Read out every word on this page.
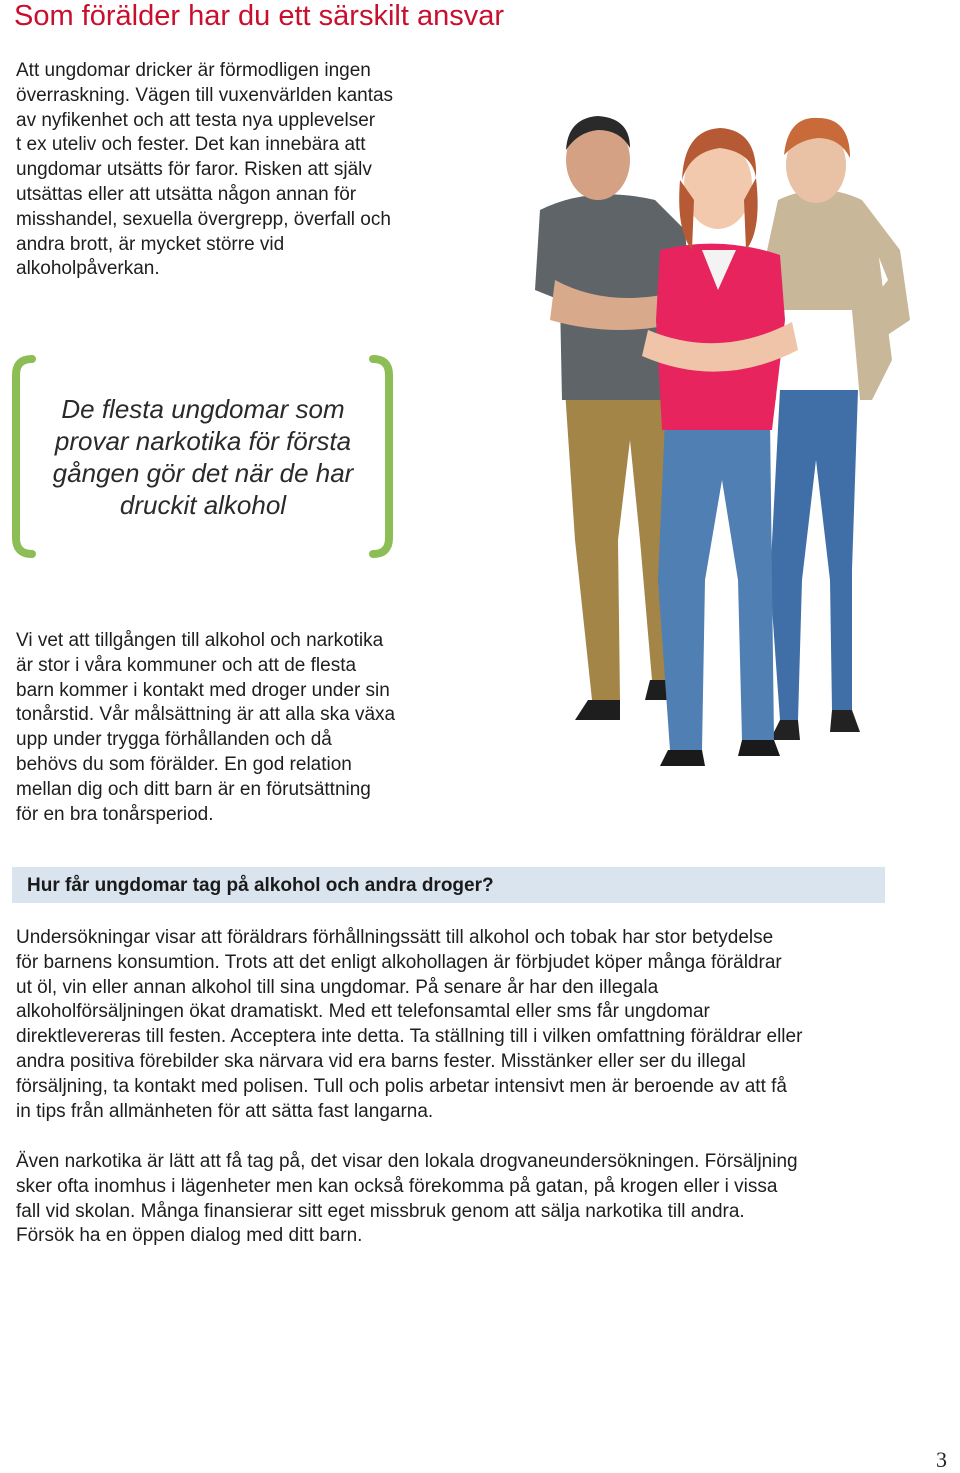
Som förälder har du ett särskilt ansvar
Att ungdomar dricker är förmodligen ingen
överraskning. Vägen till vuxenvärlden kantas
av nyfikenhet och att testa nya upplevelser
t ex uteliv och fester. Det kan innebära att
ungdomar utsätts för faror. Risken att själv
utsättas eller att utsätta någon annan för
misshandel, sexuella övergrepp, överfall och
andra brott, är mycket större vid
alkoholpåverkan.
De flesta ungdomar som
provar narkotika för första
gången gör det när de har
druckit alkohol
Vi vet att tillgången till alkohol och narkotika
är stor i våra kommuner och att de flesta
barn kommer i kontakt med droger under sin
tonårstid. Vår målsättning är att alla ska växa
upp under trygga förhållanden och då
behövs du som förälder. En god relation
mellan dig och ditt barn är en förutsättning
för en bra tonårsperiod.
Hur får ungdomar tag på alkohol och andra droger?
Undersökningar visar att föräldrars förhållningssätt till alkohol och tobak har stor betydelse
för barnens konsumtion. Trots att det enligt alkohollagen är förbjudet köper många föräldrar
ut öl, vin eller annan alkohol till sina ungdomar. På senare år har den illegala
alkoholförsäljningen ökat dramatiskt. Med ett telefonsamtal eller sms får ungdomar
direktlevereras till festen. Acceptera inte detta. Ta ställning till i vilken omfattning föräldrar eller
andra positiva förebilder ska närvara vid era barns fester. Misstänker eller ser du illegal
försäljning, ta kontakt med polisen. Tull och polis arbetar intensivt men är beroende av att få
in tips från allmänheten för att sätta fast langarna.
Även narkotika är lätt att få tag på, det visar den lokala drogvaneundersökningen. Försäljning
sker ofta inomhus i lägenheter men kan också förekomma på gatan, på krogen eller i vissa
fall vid skolan. Många finansierar sitt eget missbruk genom att sälja narkotika till andra.
Försök ha en öppen dialog med ditt barn.
3
